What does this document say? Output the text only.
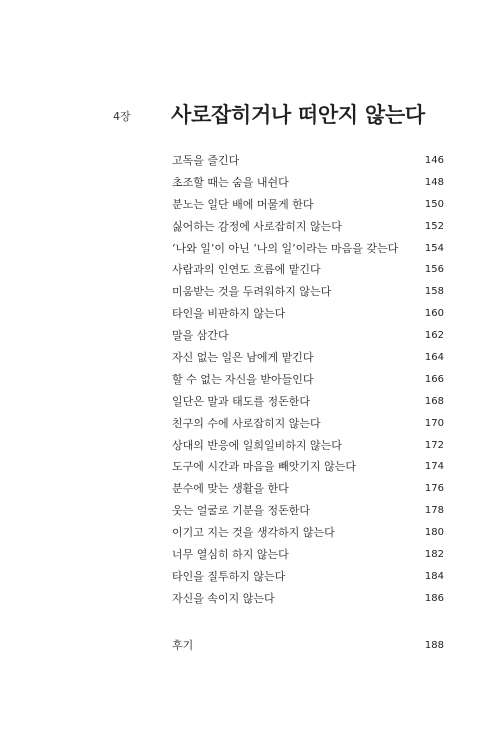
4장 사로잡히거나 떠안지 않는다
고독을 즐긴다	146
초조할 때는 숨을 내쉰다	148
분노는 일단 배에 머물게 한다	150
싫어하는 감정에 사로잡히지 않는다	152
‘나와 일’이 아닌 ‘나의 일’이라는 마음을 갖는다	154
사람과의 인연도 흐름에 맡긴다	156
미움받는 것을 두려워하지 않는다	158
타인을 비판하지 않는다	160
말을 삼간다	162
자신 없는 일은 남에게 맡긴다	164
할 수 없는 자신을 받아들인다	166
일단은 말과 태도를 정돈한다	168
친구의 수에 사로잡히지 않는다	170
상대의 반응에 일희일비하지 않는다	172
도구에 시간과 마음을 빼앗기지 않는다	174
분수에 맞는 생활을 한다	176
웃는 얼굴로 기분을 정돈한다	178
이기고 지는 것을 생각하지 않는다	180
너무 열심히 하지 않는다	182
타인을 질투하지 않는다	184
자신을 속이지 않는다	186
후기	188
